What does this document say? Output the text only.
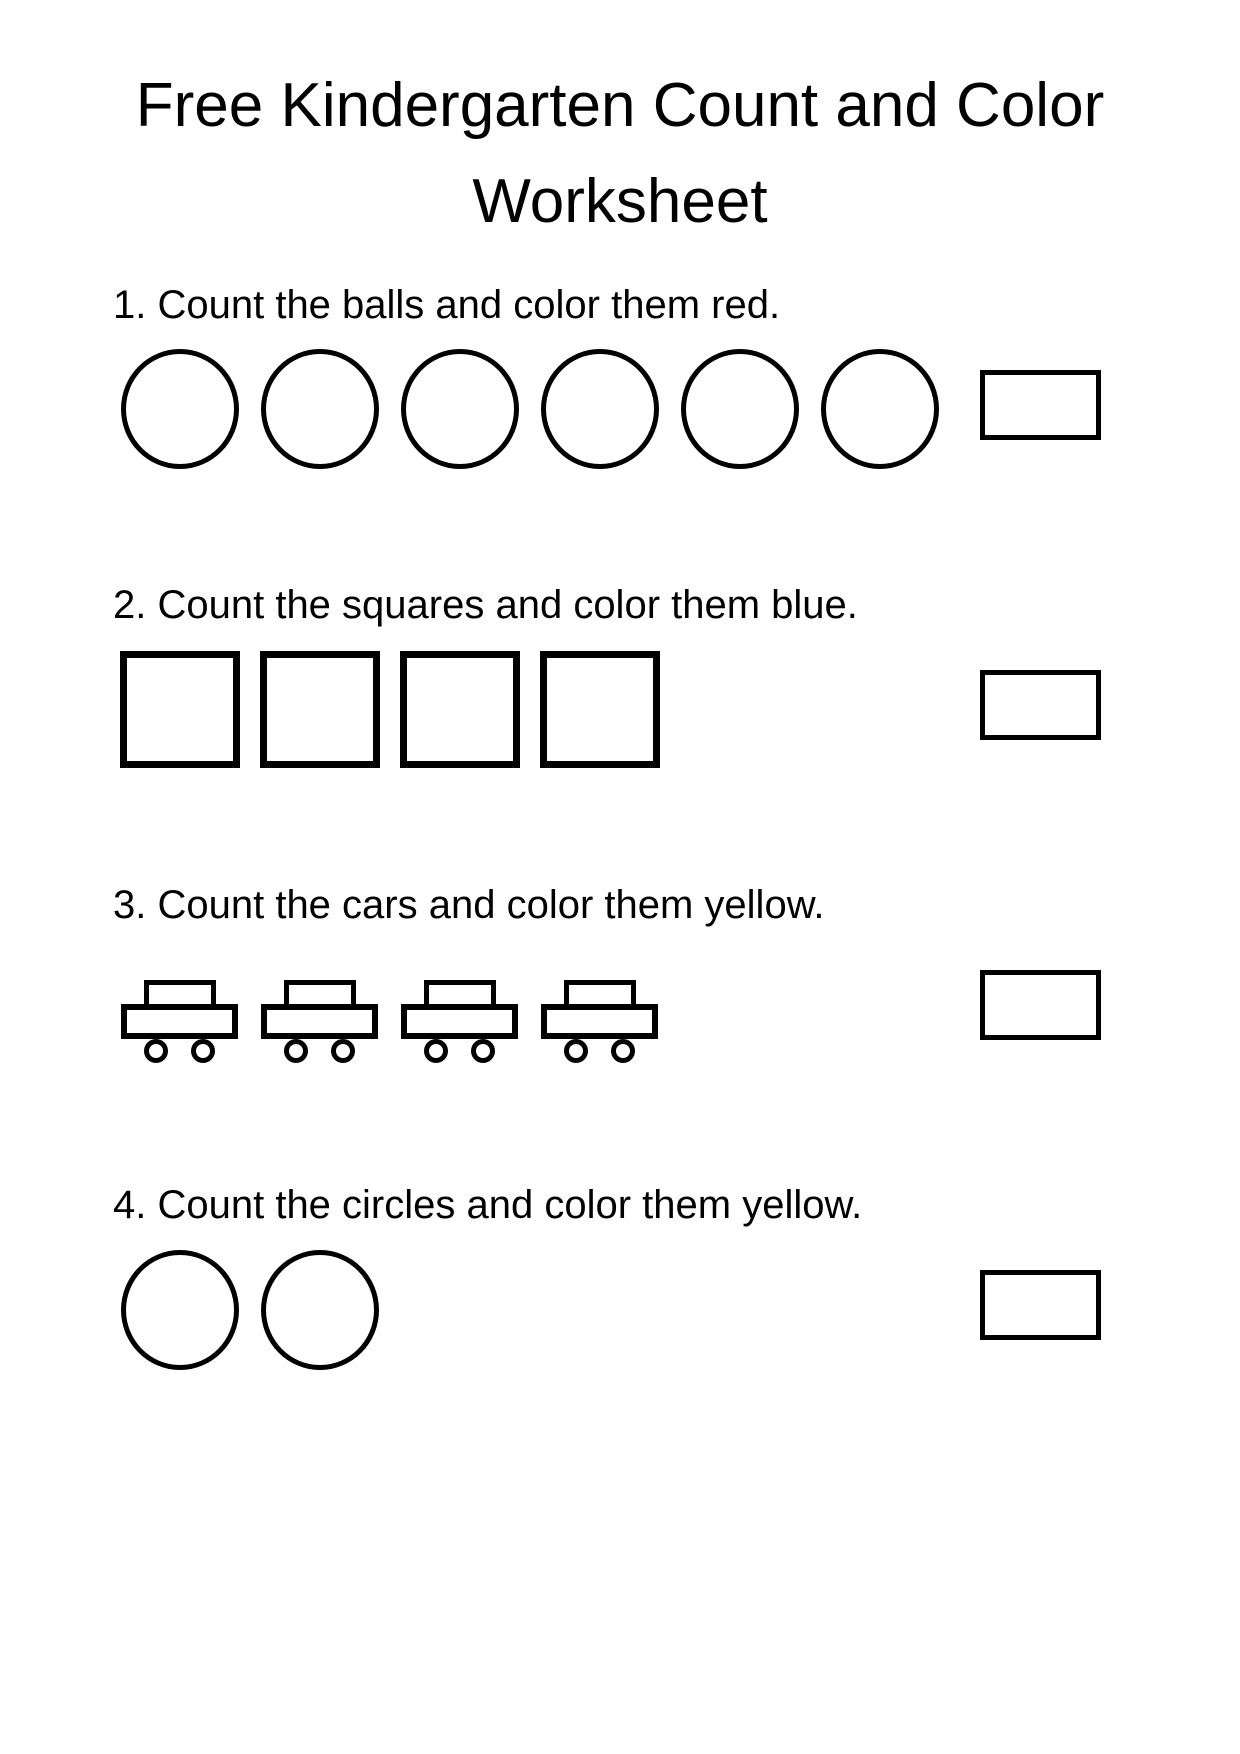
Free Kindergarten Count and Color
Worksheet
1. Count the balls and color them red.
2. Count the squares and color them blue.
3. Count the cars and color them yellow.
4. Count the circles and color them yellow.
